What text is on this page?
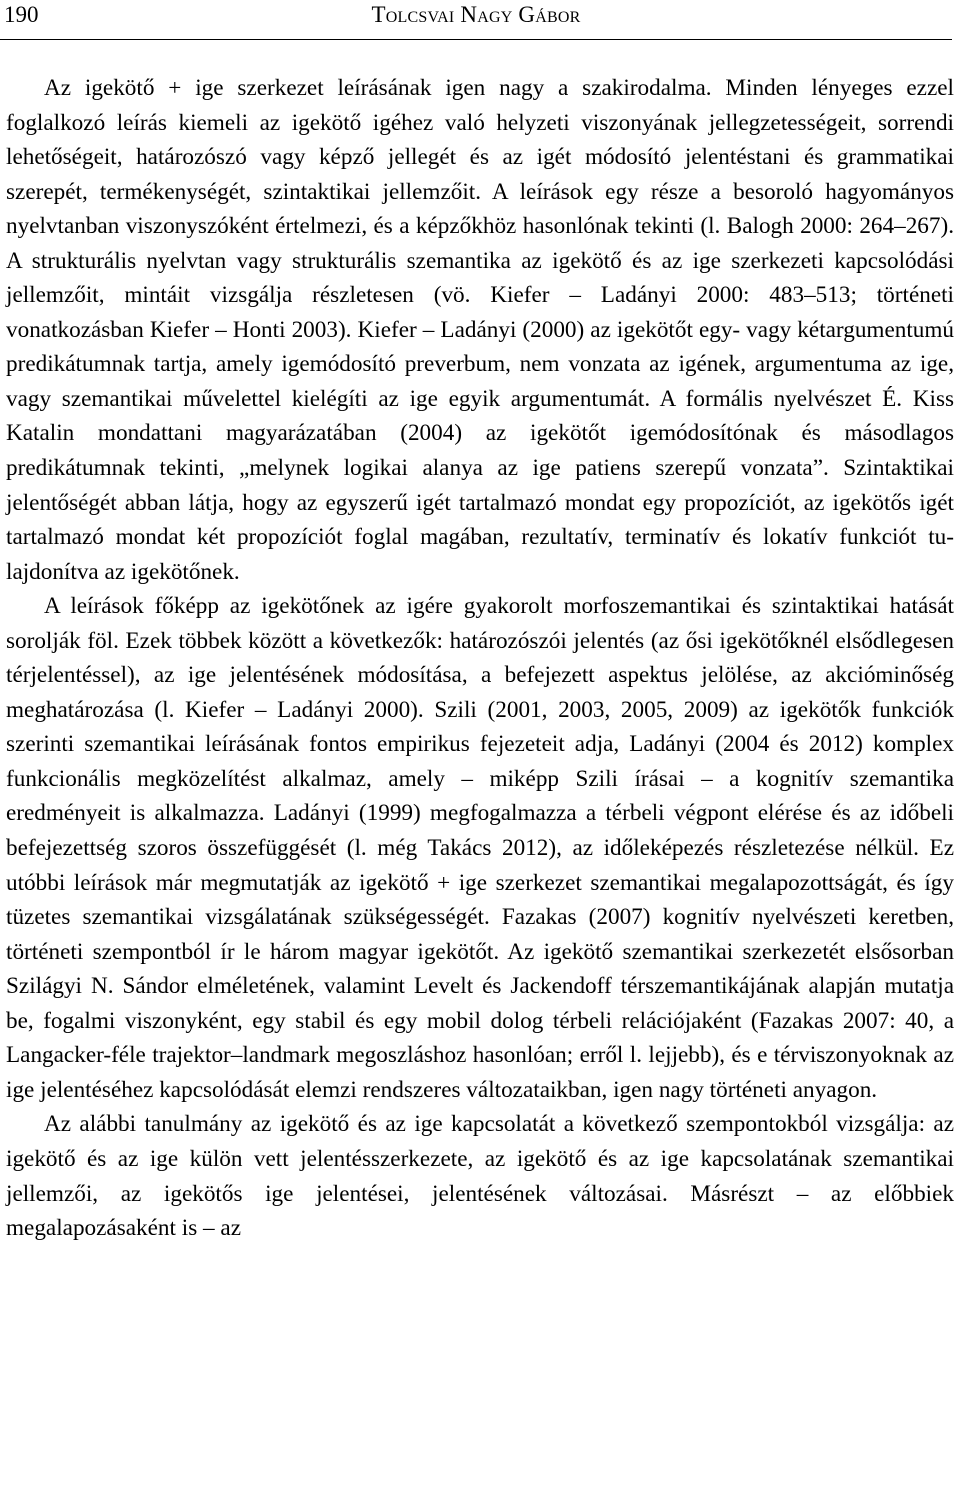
190	Tolcsvai Nagy Gábor

Az igekötő + ige szerkezet leírásának igen nagy a szakirodalma. Minden lényeges ezzel foglalkozó leírás kiemeli az igekötő igéhez való helyzeti viszonyának jellegzetességeit, sorrendi lehetőségeit, határozószó vagy képző jellegét és az igét módosító jelentéstani és grammatikai szerepét, termékenységét, szintaktikai jellemzőit. A leírások egy része a besoroló hagyományos nyelvtanban viszonyszóként értelmezi, és a képzőkhöz hasonlónak tekinti (l. Balogh 2000: 264–267). A strukturális nyelvtan vagy strukturális szemantika az igekötő és az ige szerkezeti kapcsolódási jellemzőit, mintáit vizsgálja részletesen (vö. Kiefer – Ladányi 2000: 483–513; történeti vonatkozásban Kiefer – Honti 2003). Kiefer – Ladányi (2000) az igekötőt egy- vagy kétargumentumú predikátumnak tartja, amely igemódosító preverbum, nem vonzata az igének, argumentuma az ige, vagy szemantikai művelettel kielégíti az ige egyik argumentumát. A formális nyelvészet É. Kiss Katalin mondattani magyarázatában (2004) az igekötőt igemódosítónak és másodlagos predikátumnak tekinti, „melynek logikai alanya az ige patiens szerepű vonzata”. Szintaktikai jelentőségét abban látja, hogy az egyszerű igét tartalmazó mondat egy propozíciót, az igekötős igét tartalmazó mondat két propozíciót foglal magában, rezultatív, terminatív és lokatív funkciót tulajdonítva az igekötőnek.

A leírások főképp az igekötőnek az igére gyakorolt morfoszemantikai és szintaktikai hatását sorolják föl. Ezek többek között a következők: határozószói jelentés (az ősi igekötőknél elsődlegesen térjelentéssel), az ige jelentésének módosítása, a befejezett aspektus jelölése, az akcióminőség meghatározása (l. Kiefer – Ladányi 2000). Szili (2001, 2003, 2005, 2009) az igekötők funkciók szerinti szemantikai leírásának fontos empirikus fejezeteit adja, Ladányi (2004 és 2012) komplex funkcionális megközelítést alkalmaz, amely – miképp Szili írásai – a kognitív szemantika eredményeit is alkalmazza. Ladányi (1999) megfogalmazza a térbeli végpont elérése és az időbeli befejezettség szoros összefüggését (l. még Takács 2012), az időleképezés részletezése nélkül. Ez utóbbi leírások már megmutatják az igekötő + ige szerkezet szemantikai megalapozottságát, és így tüzetes szemantikai vizsgálatának szükségességét. Fazakas (2007) kognitív nyelvészeti keretben, történeti szempontból ír le három magyar igekötőt. Az igekötő szemantikai szerkezetét elsősorban Szilágyi N. Sándor elméletének, valamint Levelt és Jackendoff térszemantikájának alapján mutatja be, fogalmi viszonyként, egy stabil és egy mobil dolog térbeli relációjaként (Fazakas 2007: 40, a Langacker-féle trajektor–landmark megoszláshoz hasonlóan; erről l. lejjebb), és e térviszonyoknak az ige jelentéséhez kapcsolódását elemzi rendszeres változataikban, igen nagy történeti anyagon.

Az alábbi tanulmány az igekötő és az ige kapcsolatát a következő szempontokból vizsgálja: az igekötő és az ige külön vett jelentésszerkezete, az igekötő és az ige kapcsolatának szemantikai jellemzői, az igekötős ige jelentései, jelentésének változásai. Másrészt – az előbbiek megalapozásaként is – az
